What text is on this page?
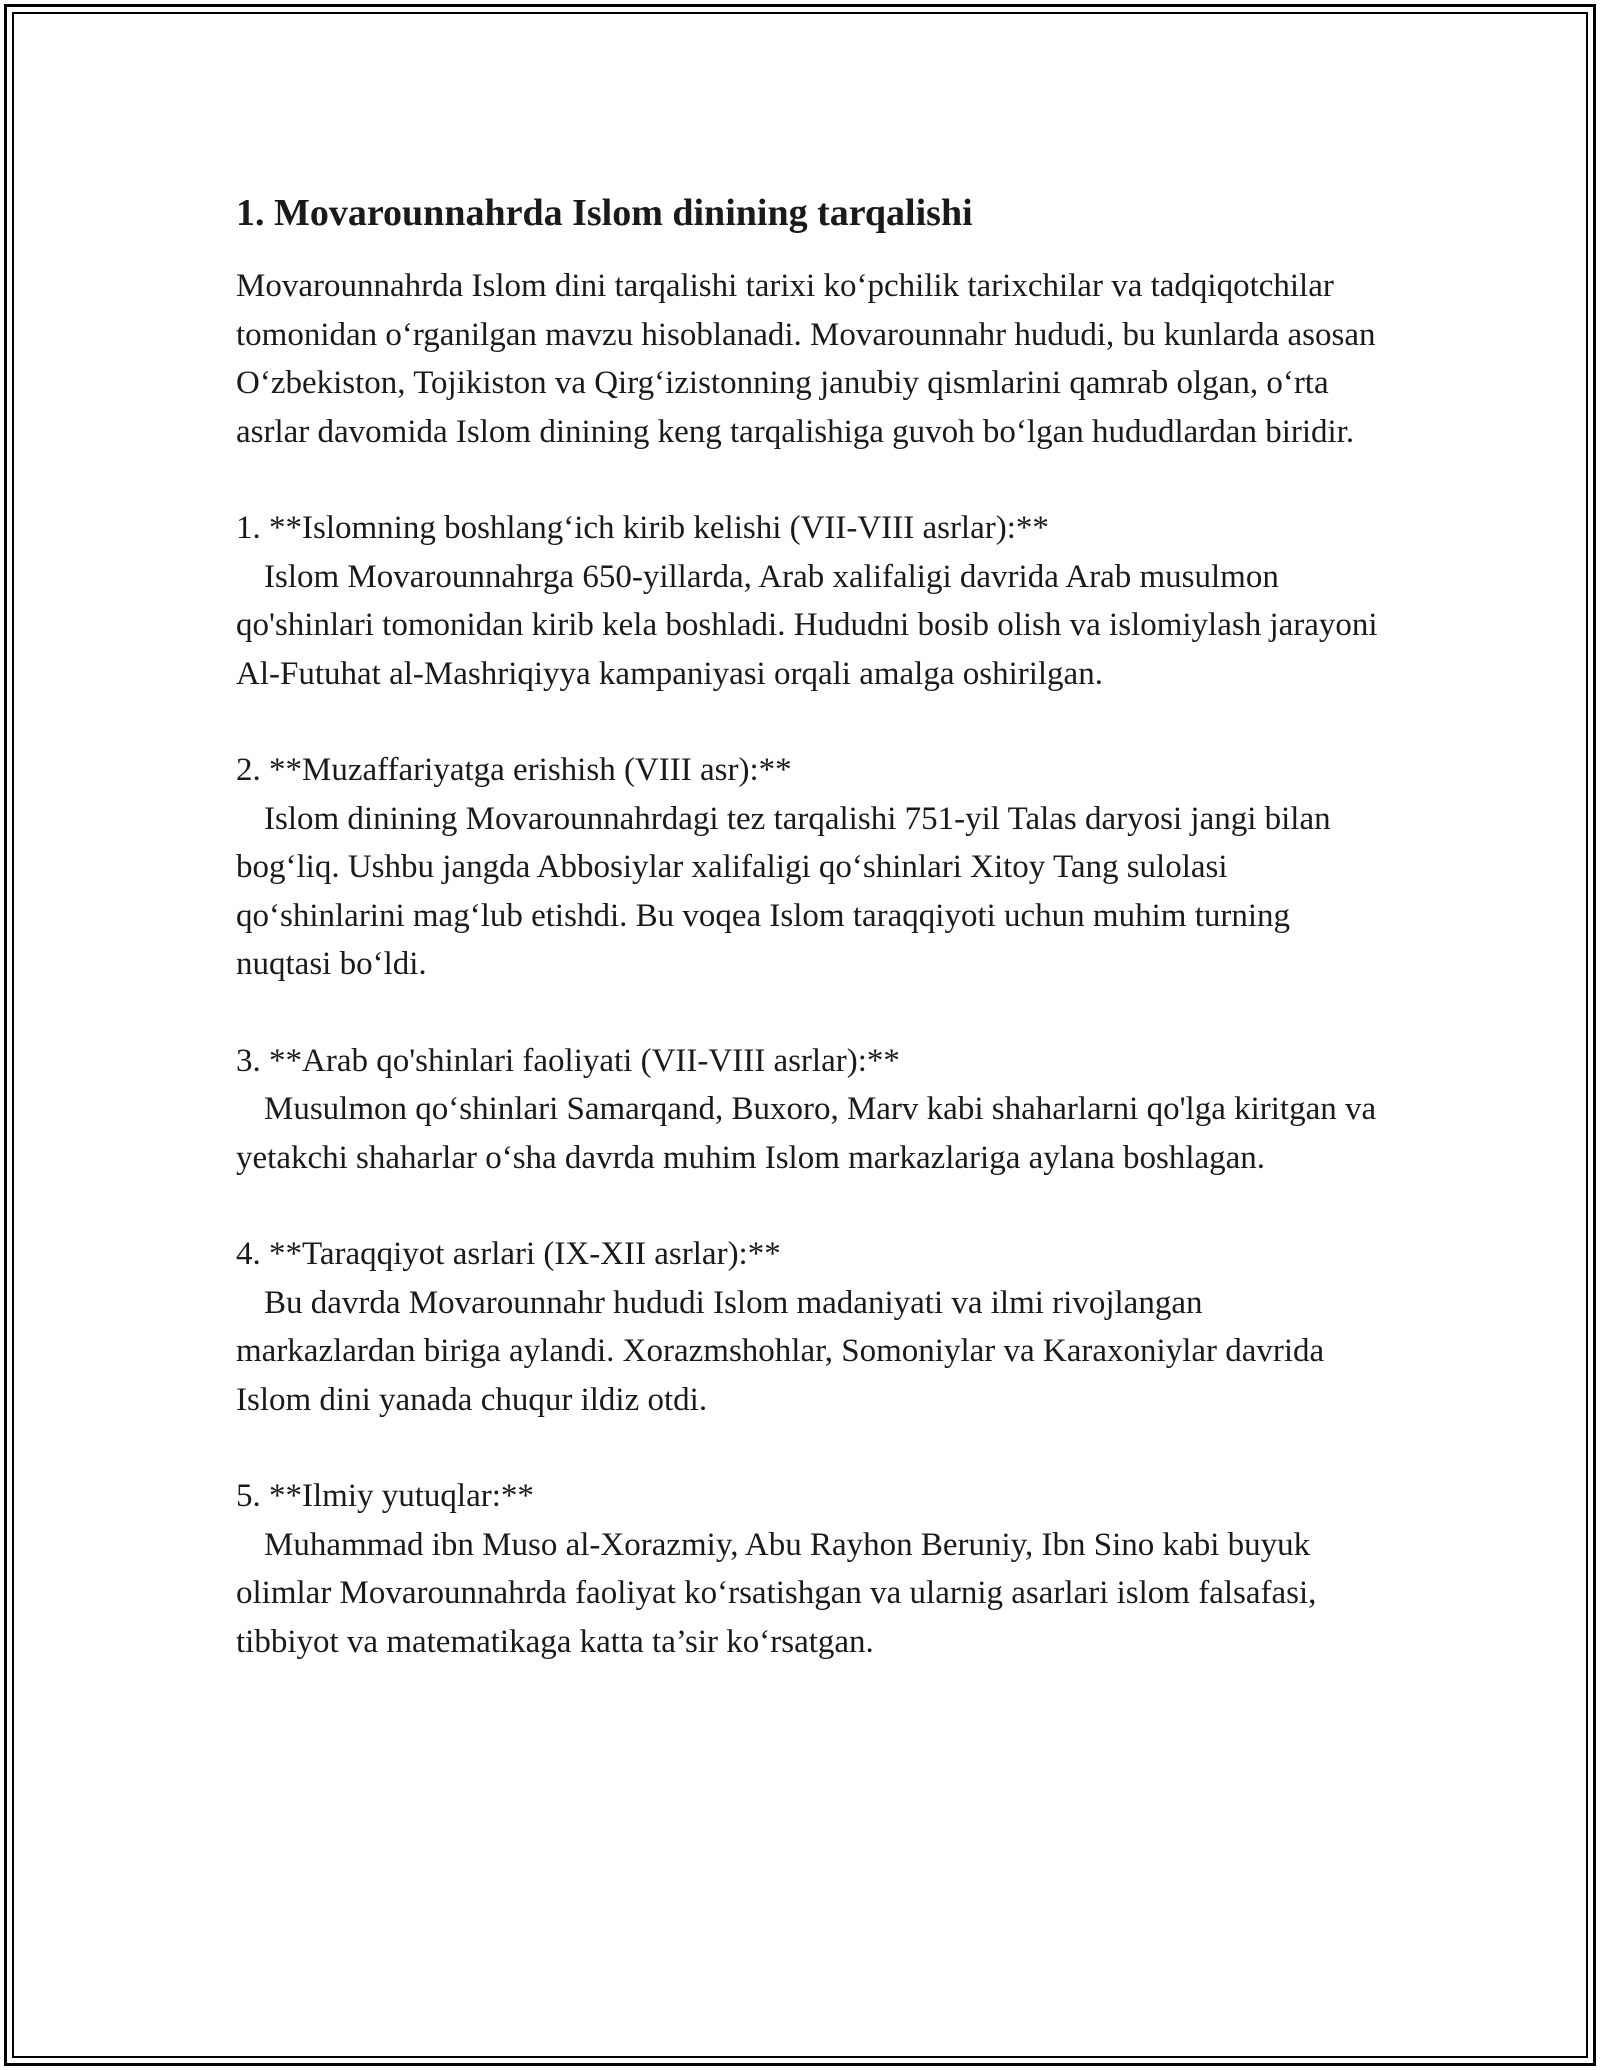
1. Movarounnahrda Islom dinining tarqalishi

Movarounnahrda Islom dini tarqalishi tarixi ko‘pchilik tarixchilar va tadqiqotchilar tomonidan o‘rganilgan mavzu hisoblanadi. Movarounnahr hududi, bu kunlarda asosan O‘zbekiston, Tojikiston va Qirg‘izistonning janubiy qismlarini qamrab olgan, o‘rta asrlar davomida Islom dinining keng tarqalishiga guvoh bo‘lgan hududlardan biridir.

1. **Islomning boshlang‘ich kirib kelishi (VII-VIII asrlar):**
Islom Movarounnahrga 650-yillarda, Arab xalifaligi davrida Arab musulmon qo'shinlari tomonidan kirib kela boshladi. Hududni bosib olish va islomiylash jarayoni Al-Futuhat al-Mashriqiyya kampaniyasi orqali amalga oshirilgan.
2. **Muzaffariyatga erishish (VIII asr):**
Islom dinining Movarounnahrdagi tez tarqalishi 751-yil Talas daryosi jangi bilan bog‘liq. Ushbu jangda Abbosiylar xalifaligi qo‘shinlari Xitoy Tang sulolasi qo‘shinlarini mag‘lub etishdi. Bu voqea Islom taraqqiyoti uchun muhim turning nuqtasi bo‘ldi.
3. **Arab qo'shinlari faoliyati (VII-VIII asrlar):**
Musulmon qo‘shinlari Samarqand, Buxoro, Marv kabi shaharlarni qo'lga kiritgan va yetakchi shaharlar o‘sha davrda muhim Islom markazlariga aylana boshlagan.
4. **Taraqqiyot asrlari (IX-XII asrlar):**
Bu davrda Movarounnahr hududi Islom madaniyati va ilmi rivojlangan markazlardan biriga aylandi. Xorazmshohlar, Somoniylar va Karaxoniylar davrida Islom dini yanada chuqur ildiz otdi.
5. **Ilmiy yutuqlar:**
Muhammad ibn Muso al-Xorazmiy, Abu Rayhon Beruniy, Ibn Sino kabi buyuk olimlar Movarounnahrda faoliyat ko‘rsatishgan va ularnig asarlari islom falsafasi, tibbiyot va matematikaga katta ta’sir ko‘rsatgan.
